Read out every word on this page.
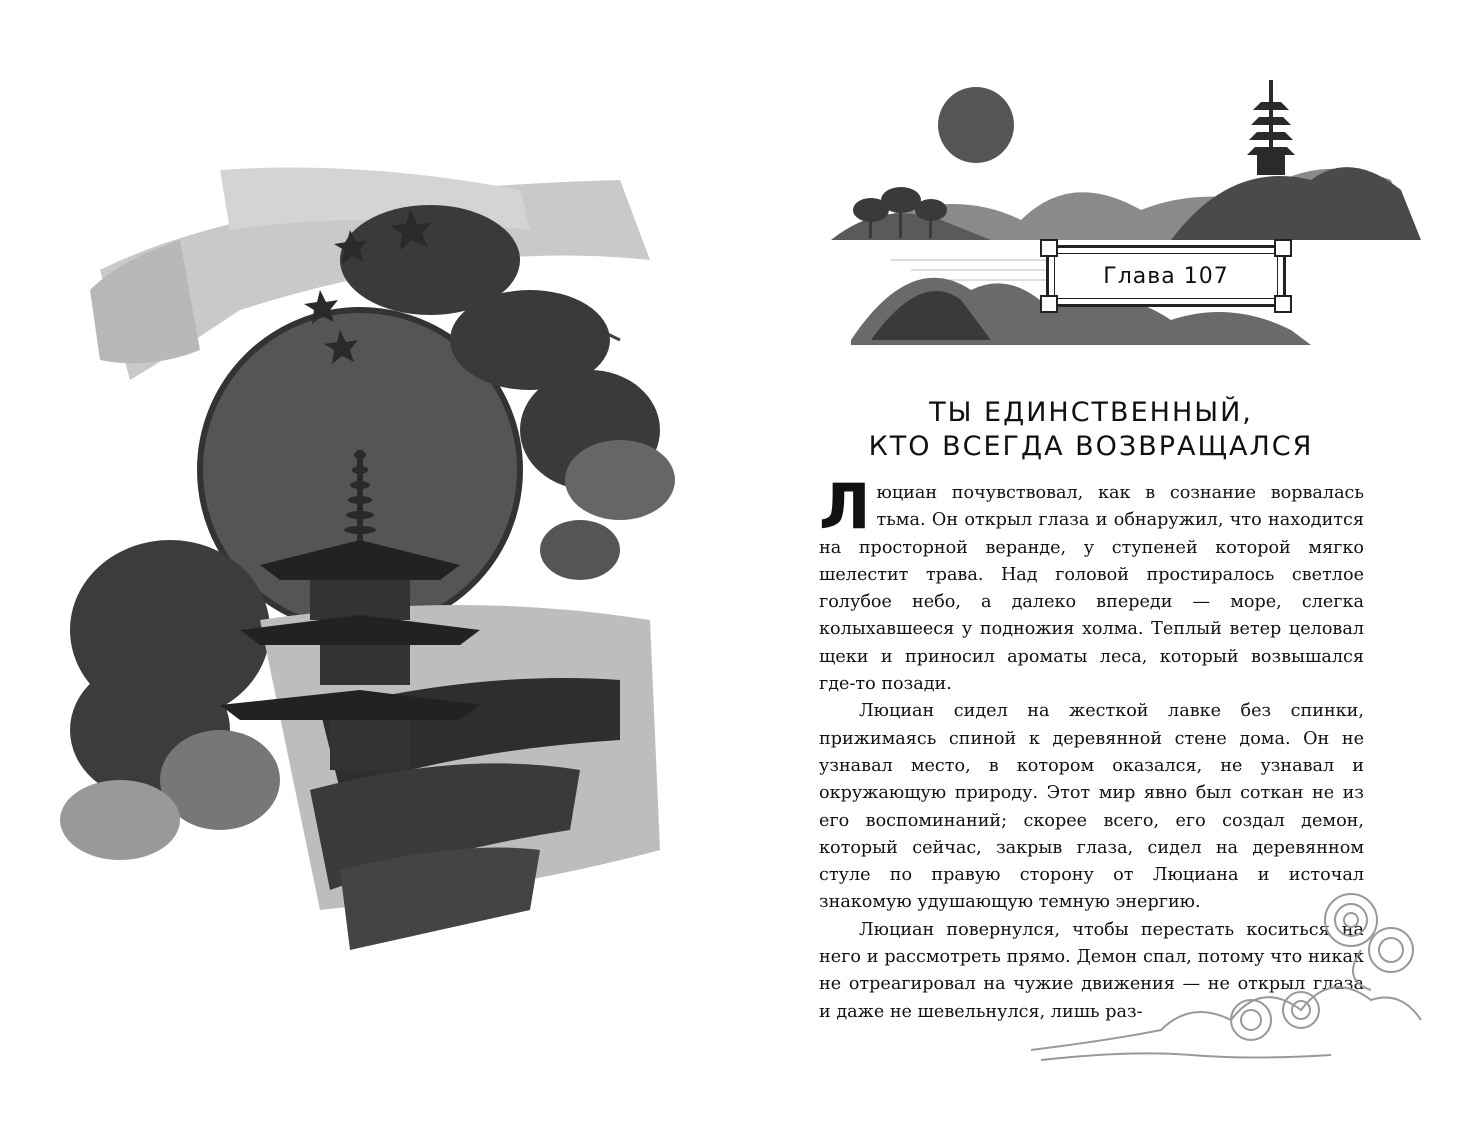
Глава 107
ТЫ ЕДИНСТВЕННЫЙ,
КТО ВСЕГДА ВОЗВРАЩАЛСЯ

Люциан почувствовал, как в сознание ворвалась тьма. Он открыл глаза и обнаружил, что находится на просторной веранде, у ступеней которой мягко шелестит трава. Над головой простиралось светлое голубое небо, а далеко впереди — море, слегка колыхавшееся у подножия холма. Теплый ветер целовал щеки и приносил ароматы леса, который возвышался где-то позади.

Люциан сидел на жесткой лавке без спинки, прижимаясь спиной к деревянной стене дома. Он не узнавал место, в котором оказался, не узнавал и окружающую природу. Этот мир явно был соткан не из его воспоминаний; скорее всего, его создал демон, который сейчас, закрыв глаза, сидел на деревянном стуле по правую сторону от Люциана и источал знакомую удушающую темную энергию.

Люциан повернулся, чтобы перестать коситься на него и рассмотреть прямо. Демон спал, потому что никак не отреагировал на чужие движения — не открыл глаза и даже не шевельнулся, лишь раз-
